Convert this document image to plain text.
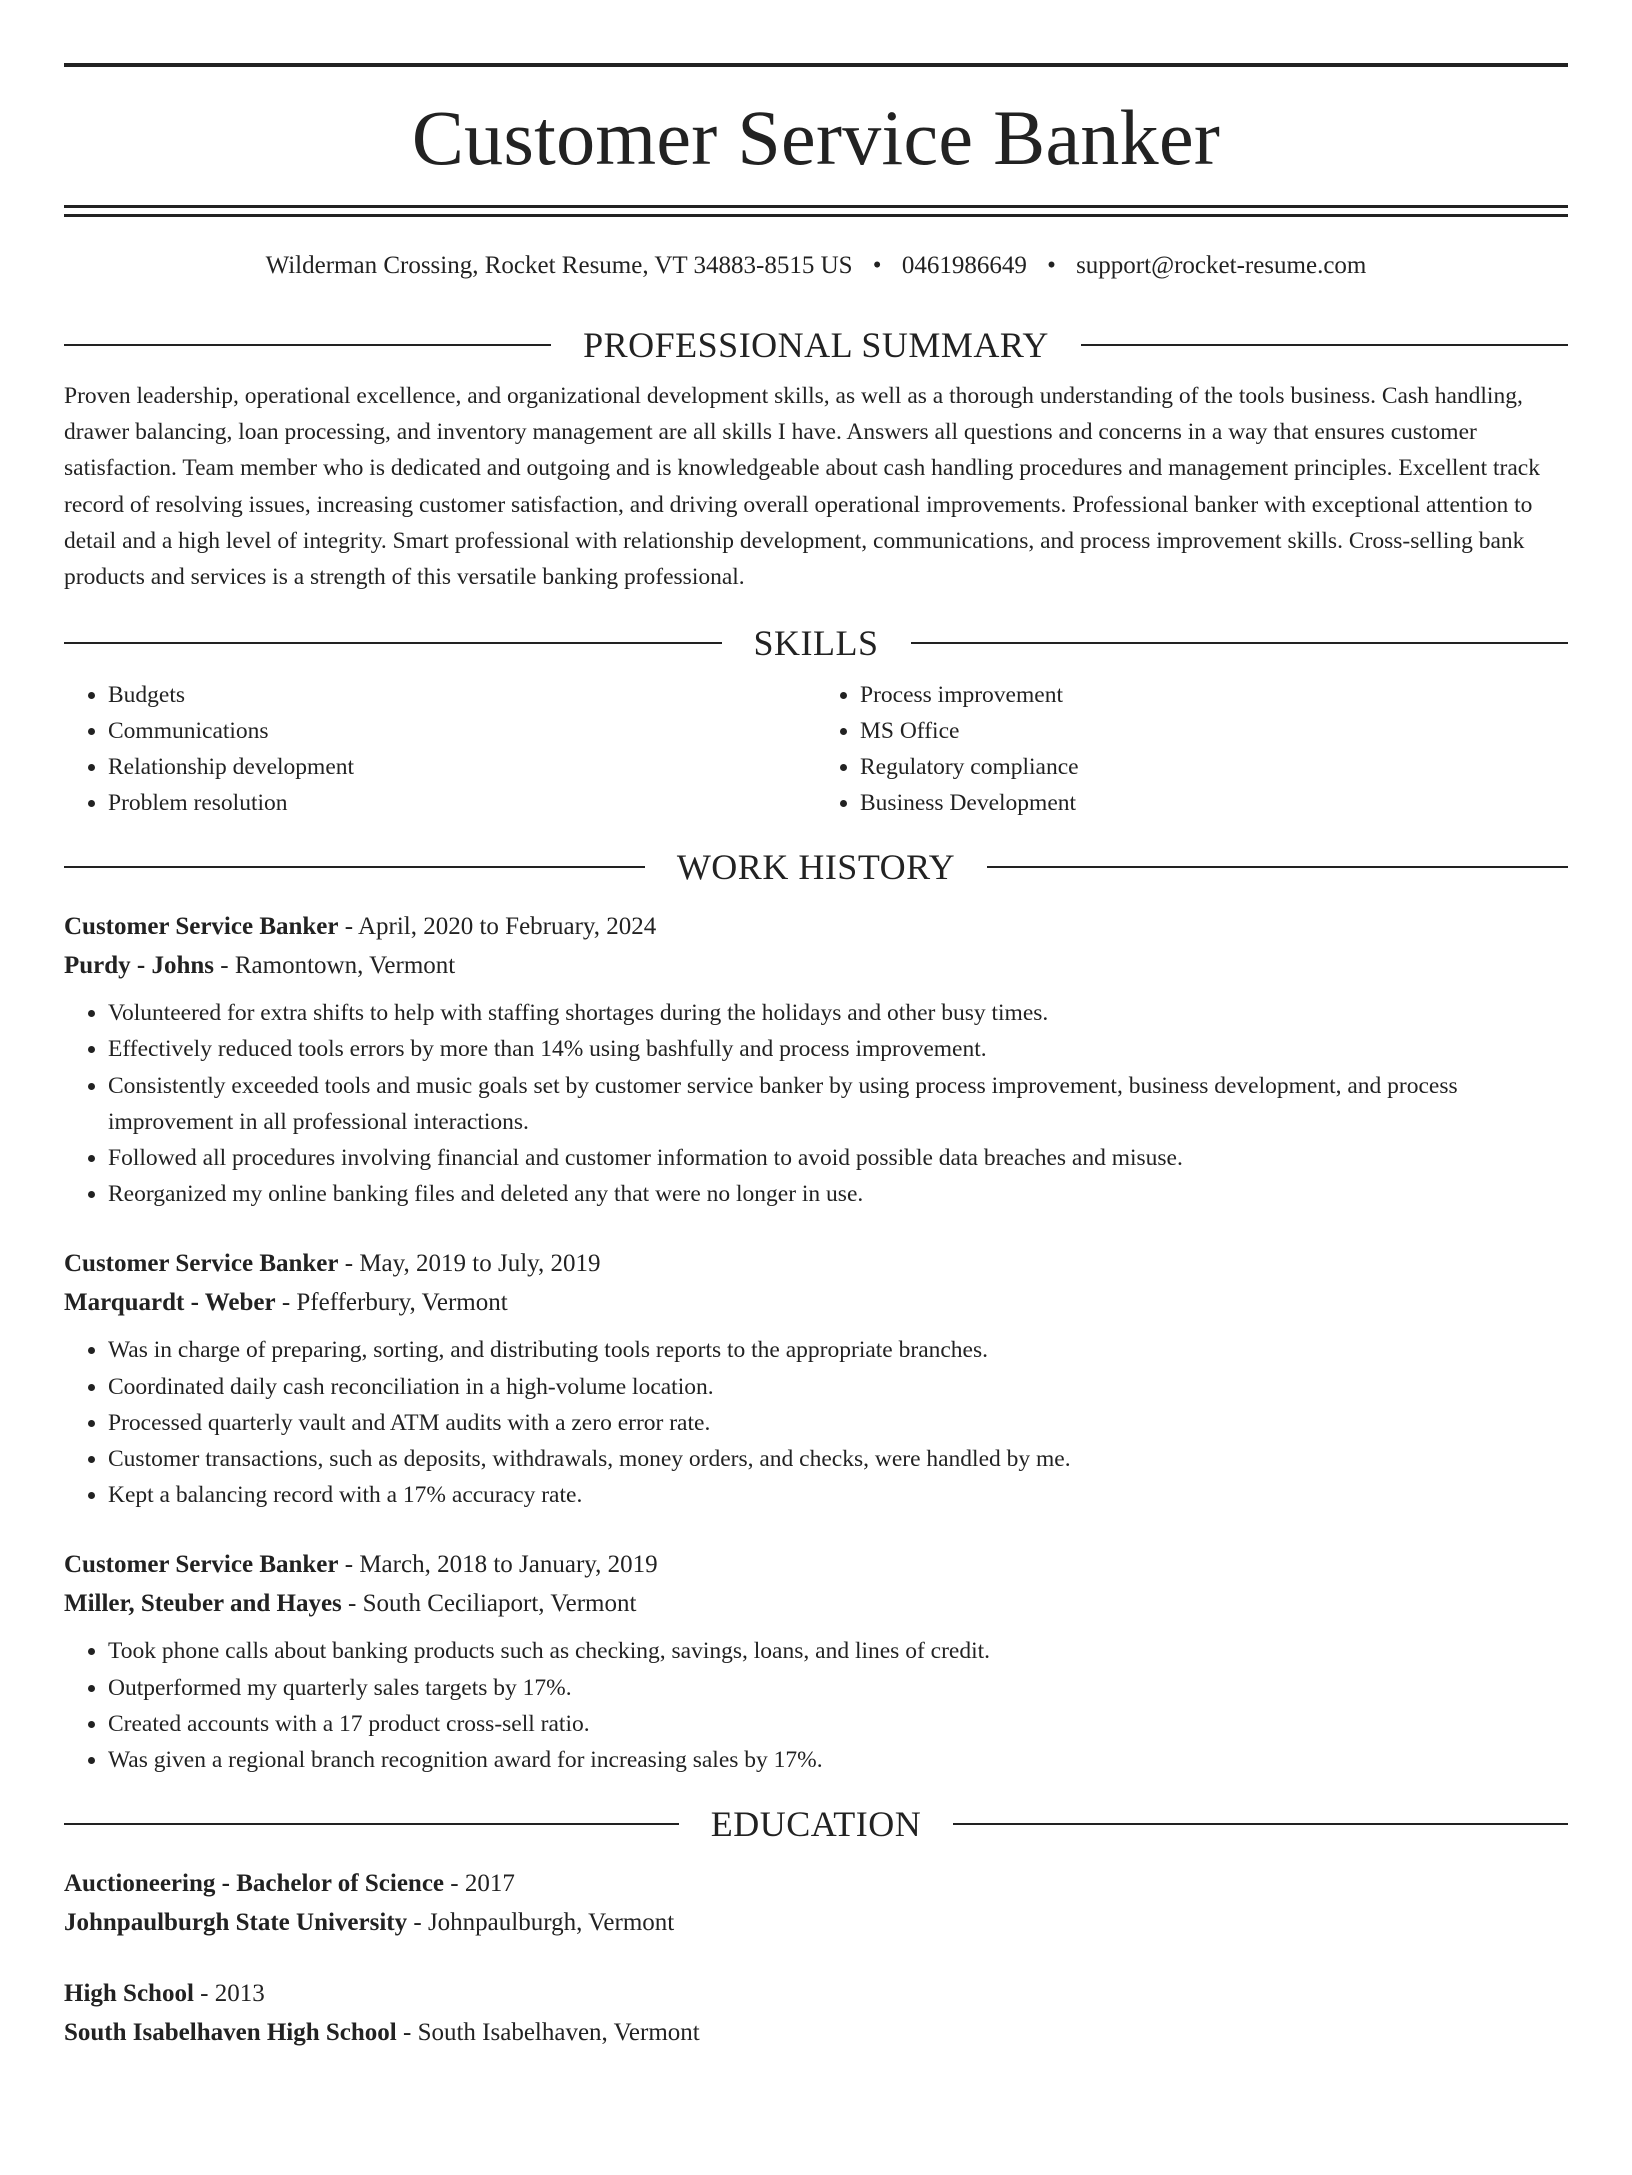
Customer Service Banker
Wilderman Crossing, Rocket Resume, VT 34883-8515 US • 0461986649 • support@rocket-resume.com
PROFESSIONAL SUMMARY
Proven leadership, operational excellence, and organizational development skills, as well as a thorough understanding of the tools business. Cash handling, drawer balancing, loan processing, and inventory management are all skills I have. Answers all questions and concerns in a way that ensures customer satisfaction. Team member who is dedicated and outgoing and is knowledgeable about cash handling procedures and management principles. Excellent track record of resolving issues, increasing customer satisfaction, and driving overall operational improvements. Professional banker with exceptional attention to detail and a high level of integrity. Smart professional with relationship development, communications, and process improvement skills. Cross-selling bank products and services is a strength of this versatile banking professional.
SKILLS
• Budgets
• Communications
• Relationship development
• Problem resolution
• Process improvement
• MS Office
• Regulatory compliance
• Business Development
WORK HISTORY
Customer Service Banker - April, 2020 to February, 2024
Purdy - Johns - Ramontown, Vermont
• Volunteered for extra shifts to help with staffing shortages during the holidays and other busy times.
• Effectively reduced tools errors by more than 14% using bashfully and process improvement.
• Consistently exceeded tools and music goals set by customer service banker by using process improvement, business development, and process improvement in all professional interactions.
• Followed all procedures involving financial and customer information to avoid possible data breaches and misuse.
• Reorganized my online banking files and deleted any that were no longer in use.
Customer Service Banker - May, 2019 to July, 2019
Marquardt - Weber - Pfefferbury, Vermont
• Was in charge of preparing, sorting, and distributing tools reports to the appropriate branches.
• Coordinated daily cash reconciliation in a high-volume location.
• Processed quarterly vault and ATM audits with a zero error rate.
• Customer transactions, such as deposits, withdrawals, money orders, and checks, were handled by me.
• Kept a balancing record with a 17% accuracy rate.
Customer Service Banker - March, 2018 to January, 2019
Miller, Steuber and Hayes - South Ceciliaport, Vermont
• Took phone calls about banking products such as checking, savings, loans, and lines of credit.
• Outperformed my quarterly sales targets by 17%.
• Created accounts with a 17 product cross-sell ratio.
• Was given a regional branch recognition award for increasing sales by 17%.
EDUCATION
Auctioneering - Bachelor of Science - 2017
Johnpaulburgh State University - Johnpaulburgh, Vermont
High School - 2013
South Isabelhaven High School - South Isabelhaven, Vermont
